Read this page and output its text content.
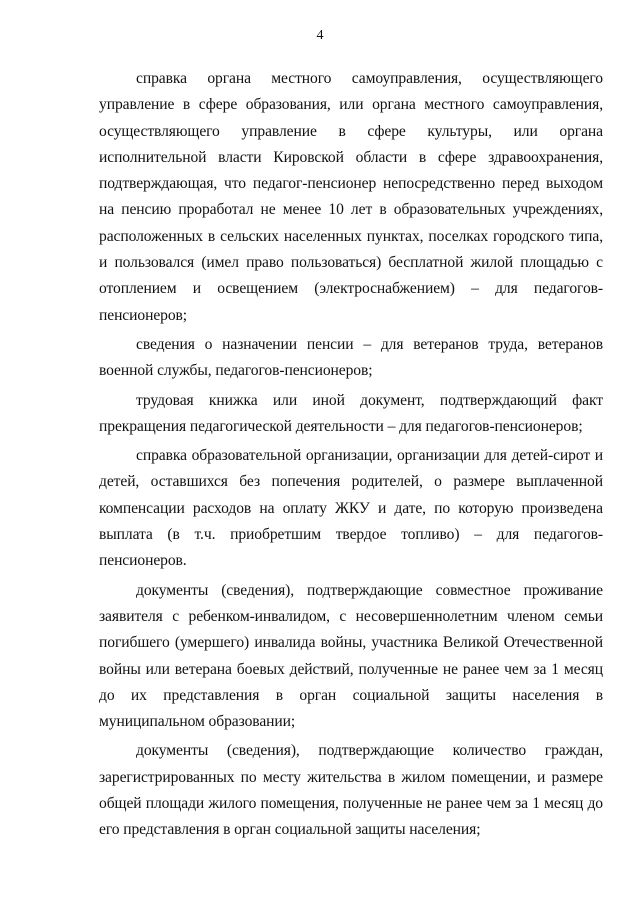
4

справка органа местного самоуправления, осуществляющего управление в сфере образования, или органа местного самоуправления, осуществляющего управление в сфере культуры, или органа исполнительной власти Кировской области в сфере здравоохранения, подтверждающая, что педагог-пенсионер непосредственно перед выходом на пенсию проработал не менее 10 лет в образовательных учреждениях, расположенных в сельских населенных пунктах, поселках городского типа, и пользовался (имел право пользоваться) бесплатной жилой площадью с отоплением и освещением (электроснабжением) – для педагогов-пенсионеров;

сведения о назначении пенсии – для ветеранов труда, ветеранов военной службы, педагогов-пенсионеров;

трудовая книжка или иной документ, подтверждающий факт прекращения педагогической деятельности – для педагогов-пенсионеров;

справка образовательной организации, организации для детей-сирот и детей, оставшихся без попечения родителей, о размере выплаченной компенсации расходов на оплату ЖКУ и дате, по которую произведена выплата (в т.ч. приобретшим твердое топливо) – для педагогов-пенсионеров.

документы (сведения), подтверждающие совместное проживание заявителя с ребенком-инвалидом, с несовершеннолетним членом семьи погибшего (умершего) инвалида войны, участника Великой Отечественной войны или ветерана боевых действий, полученные не ранее чем за 1 месяц до их представления в орган социальной защиты населения в муниципальном образовании;

документы (сведения), подтверждающие количество граждан, зарегистрированных по месту жительства в жилом помещении, и размере общей площади жилого помещения, полученные не ранее чем за 1 месяц до его представления в орган социальной защиты населения;
